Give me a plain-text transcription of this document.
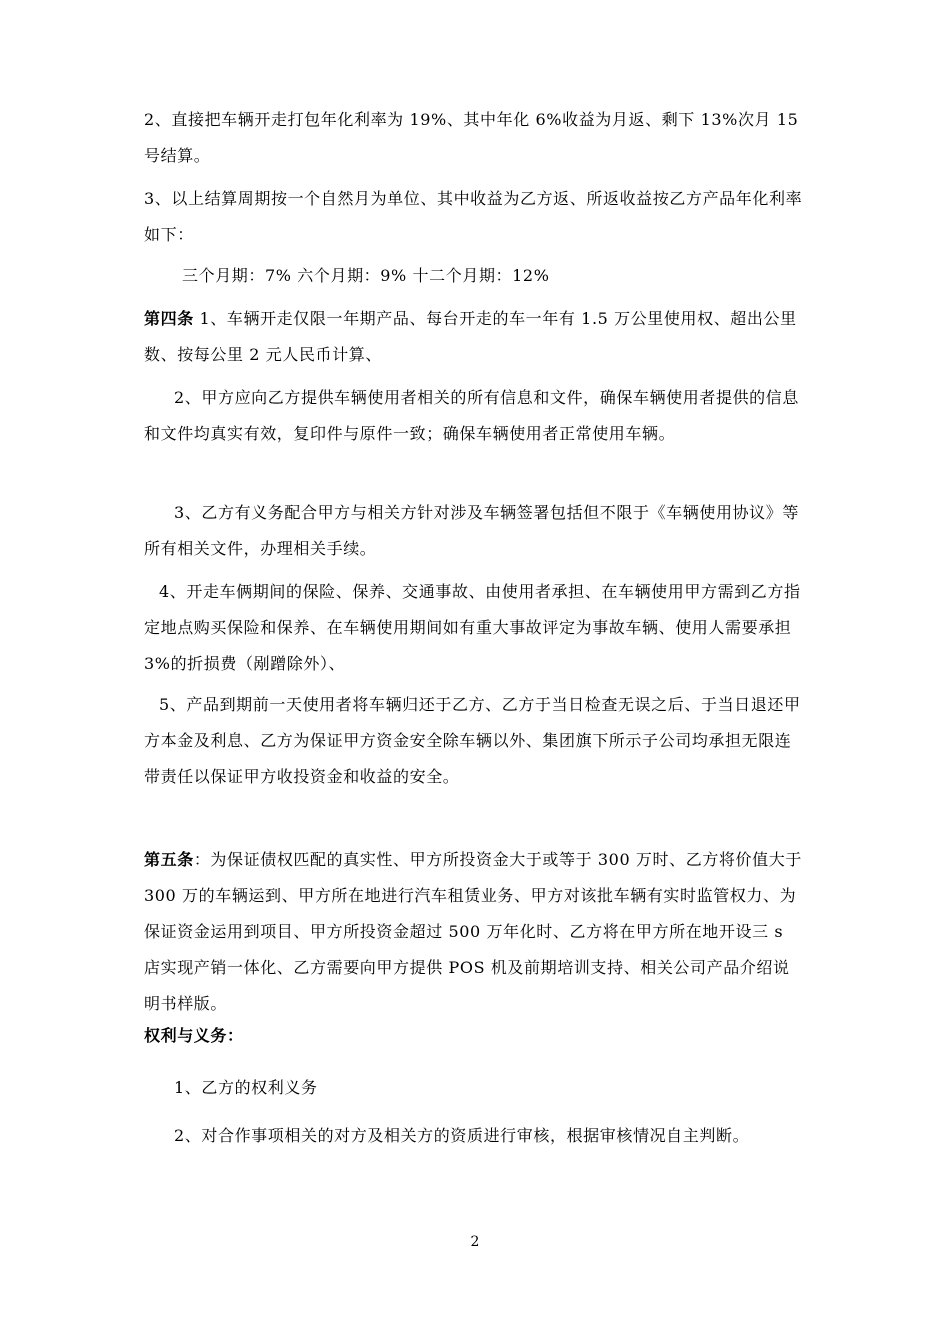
2、直接把车辆开走打包年化利率为 19%、其中年化 6%收益为月返、剩下 13%次月 15 号结算。

3、以上结算周期按一个自然月为单位、其中收益为乙方返、所返收益按乙方产品年化利率如下：

三个月期：7% 六个月期：9% 十二个月期：12%

第四条 1、车辆开走仅限一年期产品、每台开走的车一年有 1.5 万公里使用权、超出公里数、按每公里 2 元人民币计算、

2、甲方应向乙方提供车辆使用者相关的所有信息和文件，确保车辆使用者提供的信息和文件均真实有效，复印件与原件一致；确保车辆使用者正常使用车辆。

3、乙方有义务配合甲方与相关方针对涉及车辆签署包括但不限于《车辆使用协议》等所有相关文件，办理相关手续。

4、开走车俩期间的保险、保养、交通事故、由使用者承担、在车辆使用甲方需到乙方指定地点购买保险和保养、在车辆使用期间如有重大事故评定为事故车辆、使用人需要承担 3%的折损费（剐蹭除外）、

5、产品到期前一天使用者将车辆归还于乙方、乙方于当日检查无误之后、于当日退还甲方本金及利息、乙方为保证甲方资金安全除车辆以外、集团旗下所示子公司均承担无限连带责任以保证甲方收投资金和收益的安全。

第五条：为保证债权匹配的真实性、甲方所投资金大于或等于 300 万时、乙方将价值大于 300 万的车辆运到、甲方所在地进行汽车租赁业务、甲方对该批车辆有实时监管权力、为保证资金运用到项目、甲方所投资金超过 500 万年化时、乙方将在甲方所在地开设三 s 店实现产销一体化、乙方需要向甲方提供 POS 机及前期培训支持、相关公司产品介绍说明书样版。

权利与义务：

1、乙方的权利义务

2、对合作事项相关的对方及相关方的资质进行审核，根据审核情况自主判断。

2
